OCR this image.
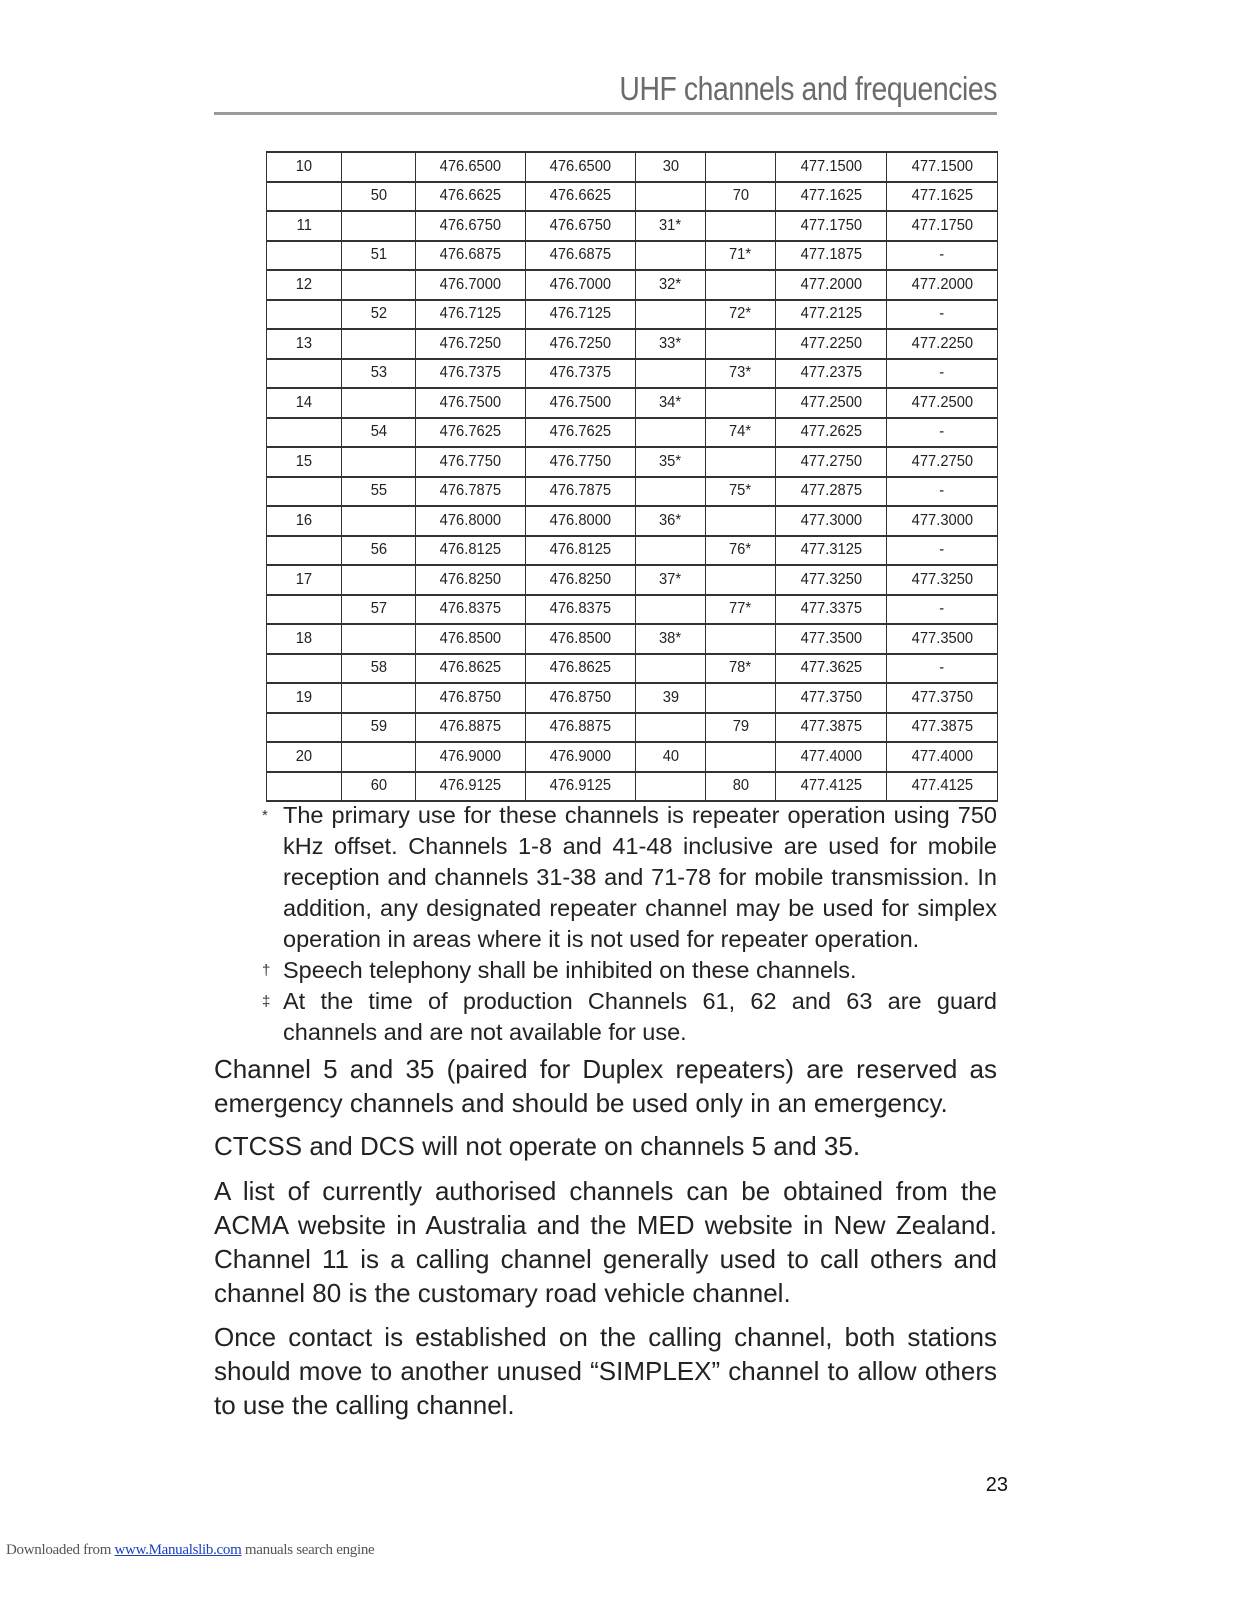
UHF channels and frequencies
10		476.6500	476.6500	30		477.1500	477.1500
	50	476.6625	476.6625		70	477.1625	477.1625
11		476.6750	476.6750	31*		477.1750	477.1750
	51	476.6875	476.6875		71*	477.1875	-
12		476.7000	476.7000	32*		477.2000	477.2000
	52	476.7125	476.7125		72*	477.2125	-
13		476.7250	476.7250	33*		477.2250	477.2250
	53	476.7375	476.7375		73*	477.2375	-
14		476.7500	476.7500	34*		477.2500	477.2500
	54	476.7625	476.7625		74*	477.2625	-
15		476.7750	476.7750	35*		477.2750	477.2750
	55	476.7875	476.7875		75*	477.2875	-
16		476.8000	476.8000	36*		477.3000	477.3000
	56	476.8125	476.8125		76*	477.3125	-
17		476.8250	476.8250	37*		477.3250	477.3250
	57	476.8375	476.8375		77*	477.3375	-
18		476.8500	476.8500	38*		477.3500	477.3500
	58	476.8625	476.8625		78*	477.3625	-
19		476.8750	476.8750	39		477.3750	477.3750
	59	476.8875	476.8875		79	477.3875	477.3875
20		476.9000	476.9000	40		477.4000	477.4000
	60	476.9125	476.9125		80	477.4125	477.4125
* The primary use for these channels is repeater operation using 750 kHz offset. Channels 1-8 and 41-48 inclusive are used for mobile reception and channels 31-38 and 71-78 for mobile transmission. In addition, any designated repeater channel may be used for simplex operation in areas where it is not used for repeater operation.
† Speech telephony shall be inhibited on these channels.
‡ At the time of production Channels 61, 62 and 63 are guard channels and are not available for use.
Channel 5 and 35 (paired for Duplex repeaters) are reserved as emergency channels and should be used only in an emergency.
CTCSS and DCS will not operate on channels 5 and 35.
A list of currently authorised channels can be obtained from the ACMA website in Australia and the MED website in New Zealand. Channel 11 is a calling channel generally used to call others and channel 80 is the customary road vehicle channel.
Once contact is established on the calling channel, both stations should move to another unused “SIMPLEX” channel to allow others to use the calling channel.
23
Downloaded from www.Manualslib.com manuals search engine
